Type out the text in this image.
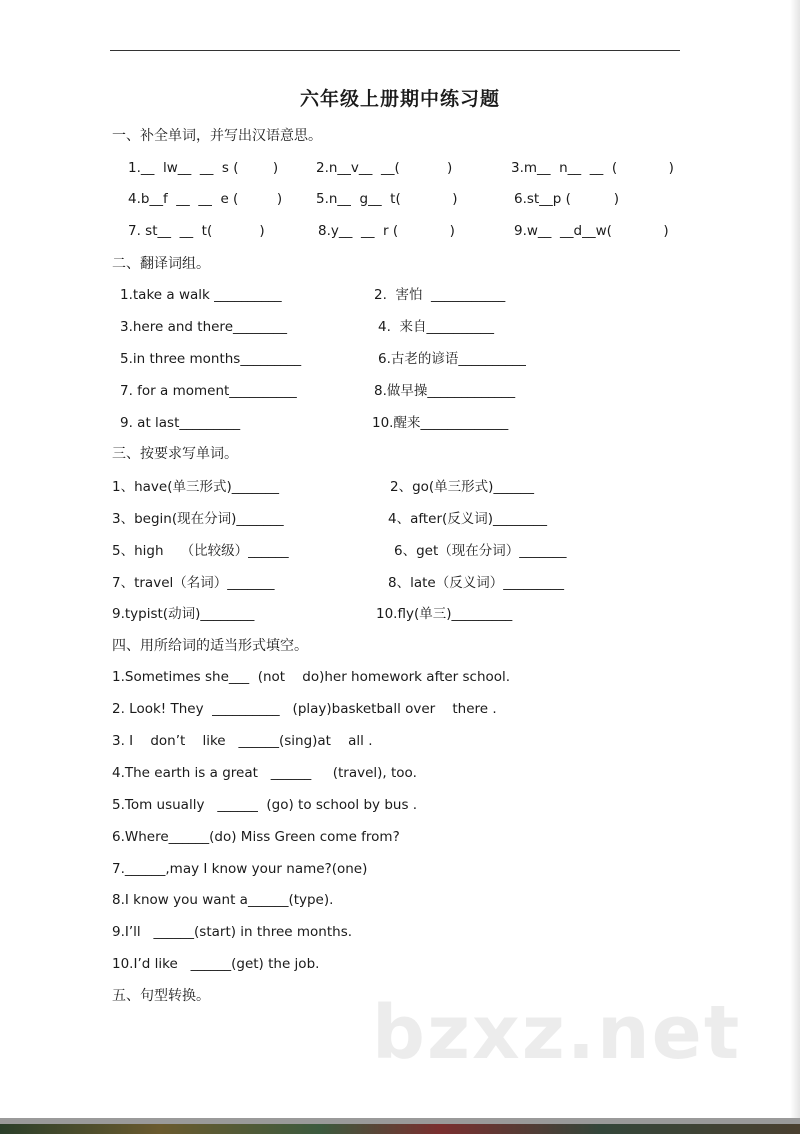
六年级上册期中练习题
一、补全单词，并写出汉语意思。
1.__  lw__  __  s (        )	2.n__v__  __(           )	3.m__  n__  __  (            )
4.b__f  __  __  e (         )	5.n__  g__  t(            )	6.st__p (          )
7. st__  __  t(           )	8.y__  __  r (            )	9.w__  __d__w(            )
二、翻译词组。
1.take a walk __________	2.  害怕  ___________
3.here and there________	4.  来自__________
5.in three months_________	6.古老的谚语__________
7. for a moment__________	8.做早操_____________
9. at last_________	10.醒来_____________
三、按要求写单词。
1、have(单三形式)_______	2、go(单三形式)______
3、begin(现在分词)_______	4、after(反义词)________
5、high    （比较级）______	6、get（现在分词）_______
7、travel（名词）_______	8、late（反义词）_________
9.typist(动词)________	10.fly(单三)_________
四、用所给词的适当形式填空。
1.Sometimes she___  (not    do)her homework after school.
2. Look! They  __________   (play)basketball over    there .
3. I    don’t    like   ______(sing)at    all .
4.The earth is a great   ______     (travel), too.
5.Tom usually   ______  (go) to school by bus .
6.Where______(do) Miss Green come from?
7.______,may I know your name?(one)
8.I know you want a______(type).
9.I’ll   ______(start) in three months.
10.I’d like   ______(get) the job.
五、句型转换。 bzxz.net
